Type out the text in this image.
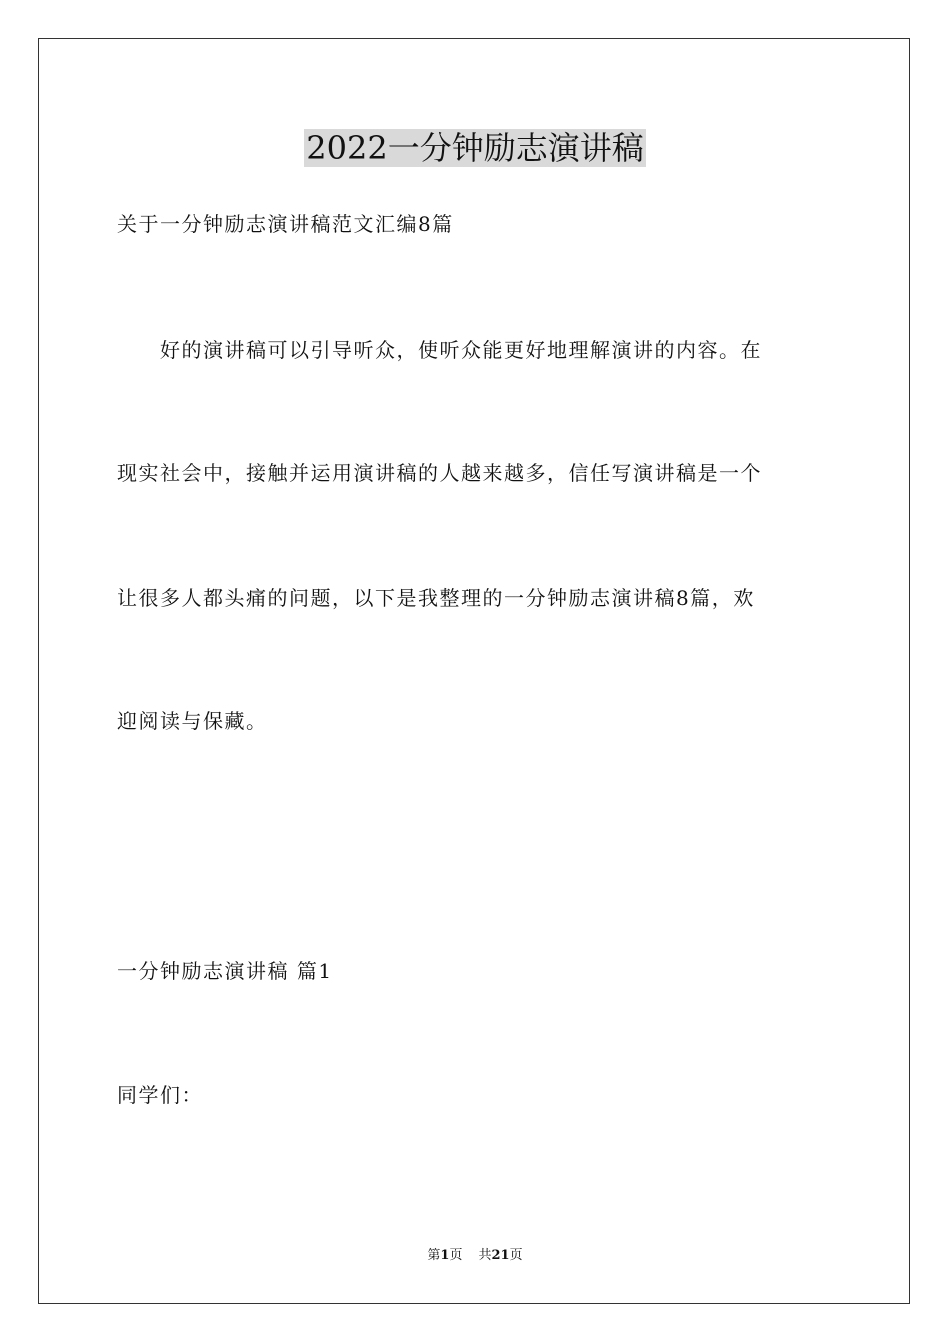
2022一分钟励志演讲稿
关于一分钟励志演讲稿范文汇编8篇
　　好的演讲稿可以引导听众，使听众能更好地理解演讲的内容。在
现实社会中，接触并运用演讲稿的人越来越多，信任写演讲稿是一个
让很多人都头痛的问题，以下是我整理的一分钟励志演讲稿8篇，欢
迎阅读与保藏。
一分钟励志演讲稿 篇1
同学们：
第1页 共21页
